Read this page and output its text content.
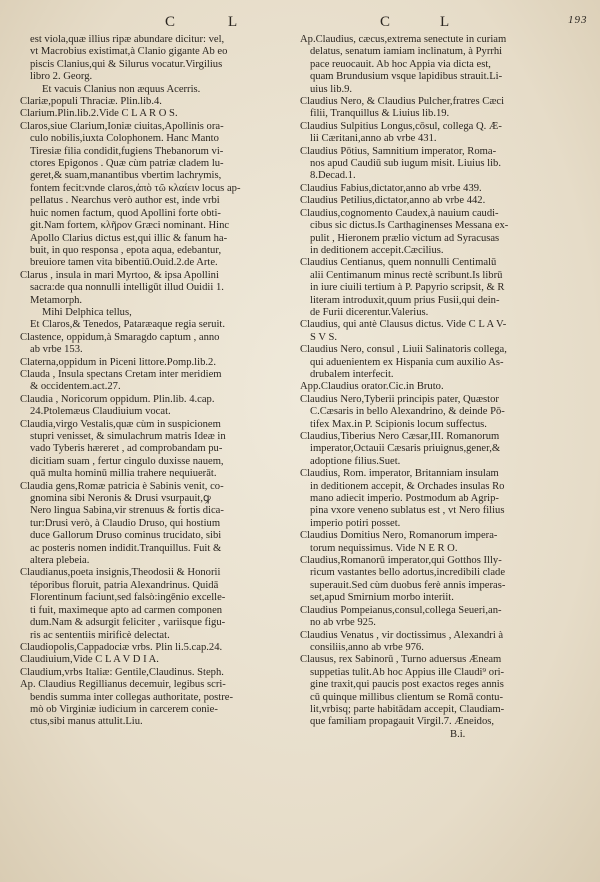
C	L	C	L	193
est viola,quæ illius ripæ abundare dicitur: vel,
vt Macrobius existimat,à Clanio gigante Ab eo
piscis Clanius,qui & Silurus vocatur.Virgilius
libro 2. Georg.
Et vacuis Clanius non æquus Acerris.
Clariæ,populi Thraciæ. Plin.lib.4.
Clarium.Plin.lib.2.Vide C L A R O S.
Claros,siue Clarium,Ioniæ ciuitas,Apollinis ora-
culo nobilis,iuxta Colophonem. Hanc Manto
Tiresiæ filia condidit,fugiens Thebanorum vi-
ctores Epigonos . Quæ cùm patriæ cladem lu-
geret,& suam,manantibus vbertim lachrymis,
fontem fecit:vnde claros,ἀπὸ τῶ κλαίειν locus ap-
pellatus . Nearchus verò author est, inde vrbi
huic nomen factum, quod Apollini forte obti-
git.Nam fortem, κλῆρον Græci nominant. Hinc
Apollo Clarius dictus est,qui illic & fanum ha-
buit, in quo responsa , epota aqua, edebantur,
breuiore tamen vita bibentiū.Ouid.2.de Arte.
Clarus , insula in mari Myrtoo, & ipsa Apollini
sacra:de qua nonnulli intelligūt illud Ouidii 1.
Metamorph.
Mihi Delphica tellus,
Et Claros,& Tenedos, Pataræaque regia seruit.
Clastence, oppidum,à Smaragdo captum , anno
ab vrbe 153.
Claterna,oppidum in Piceni littore.Pomp.lib.2.
Clauda , Insula spectans Cretam inter meridiem
& occidentem.act.27.
Claudia , Noricorum oppidum. Plin.lib. 4.cap.
24.Ptolemæus Claudiuium vocat.
Claudia,virgo Vestalis,quæ cùm in suspicionem
stupri venisset, & simulachrum matris Ideæ in
vado Tyberis hæreret , ad comprobandam pu-
dicitiam suam , fertur cingulo duxisse nauem,
quā multa hominū millia trahere nequiuerāt.
Claudia gens,Romæ patricia è Sabinis venit, co-
gnomina sibi Neronis & Drusi vsurpauit,ꝙ
Nero lingua Sabina,vir strenuus & fortis dica-
tur:Drusi verò, à Claudio Druso, qui hostium
duce Gallorum Druso cominus trucidato, sibi
ac posteris nomen indidit.Tranquillus. Fuit &
altera plebeia.
Claudianus,poeta insignis,Theodosii & Honorii
téporibus floruit, patria Alexandrinus. Quidā
Florentinum faciunt,sed falsò:ingēnio excelle-
ti fuit, maximeque apto ad carmen componen
dum.Nam & adsurgit feliciter , variisque figu-
ris ac sententiis mirificè delectat.
Claudiopolis,Cappadociæ vrbs. Plin li.5.cap.24.
Claudiuium,Vide C L A V D I A.
Claudium,vrbs Italiæ: Gentile,Claudinus. Steph.
Ap. Claudius Regillianus decemuir, legibus scri-
bendis summa inter collegas authoritate, postre-
mò ob Virginiæ iudicium in carcerem conie-
ctus,sibi manus attulit.Liu.
Ap.Claudius, cæcus,extrema senectute in curiam
delatus, senatum iamiam inclinatum, à Pyrrhi
pace reuocauit. Ab hoc Appia via dicta est,
quam Brundusium vsque lapidibus strauit.Li-
uius lib.9.
Claudius Nero, & Claudius Pulcher,fratres Cæci
filii, Tranquillus & Liuius lib.19.
Claudius Sulpitius Longus,cōsul, collega Q. Æ-
lii Cæritani,anno ab vrbe 431.
Claudius Pōtius, Samnitium imperator, Roma-
nos apud Caudiū sub iugum misit. Liuius lib.
8.Decad.1.
Claudius Fabius,dictator,anno ab vrbe 439.
Claudius Petilius,dictator,anno ab vrbe 442.
Claudius,cognomento Caudex,à nauium caudi-
cibus sic dictus.Is Carthaginenses Messana ex-
pulit , Hieronem prælio victum ad Syracusas
in deditionem accepit.Cæcilius.
Claudius Centianus, quem nonnulli Centimalū
alii Centimanum minus rectè scribunt.Is librū
in iure ciuili tertium à P. Papyrio scripsit, & R
literam introduxit,quum prius Fusii,qui dein-
de Furii dicerentur.Valerius.
Claudius, qui antè Clausus dictus. Vide C L A V-
S V S.
Claudius Nero, consul , Liuii Salinatoris collega,
qui aduenientem ex Hispania cum auxilio As-
drubalem interfecit.
App.Claudius orator.Cic.in Bruto.
Claudius Nero,Tyberii principis pater, Quæstor
C.Cæsaris in bello Alexandrino, & deinde Pō-
tifex Max.in P. Scipionis locum suffectus.
Claudius,Tiberius Nero Cæsar,III. Romanorum
imperator,Octauii Cæsaris priuignus,gener,&
adoptione filius.Suet.
Claudius, Rom. imperator, Britanniam insulam
in deditionem accepit, & Orchades insulas Ro
mano adiecit imperio. Postmodum ab Agrip-
pina vxore veneno sublatus est , vt Nero filius
imperio potiri posset.
Claudius Domitius Nero, Romanorum impera-
torum nequissimus. Vide N E R O.
Claudius,Romanorū imperator,qui Gotthos Illy-
ricum vastantes bello adortus,incredibili clade
superauit.Sed cùm duobus ferè annis imperas-
set,apud Smirnium morbo interiit.
Claudius Pompeianus,consul,collega Seueri,an-
no ab vrbe 925.
Claudius Venatus , vir doctissimus , Alexandri à
consiliis,anno ab vrbe 976.
Clausus, rex Sabinorū , Turno aduersus Æneam
suppetias tulit.Ab hoc Appius ille Claudi⁹ ori-
gine traxit,qui paucis post exactos reges annis
cū quinque millibus clientum se Romā contu-
lit,vrbisq; parte habitādam accepit, Claudiam-
que familiam propagauit Virgil.7. Æneidos,
B.i.
